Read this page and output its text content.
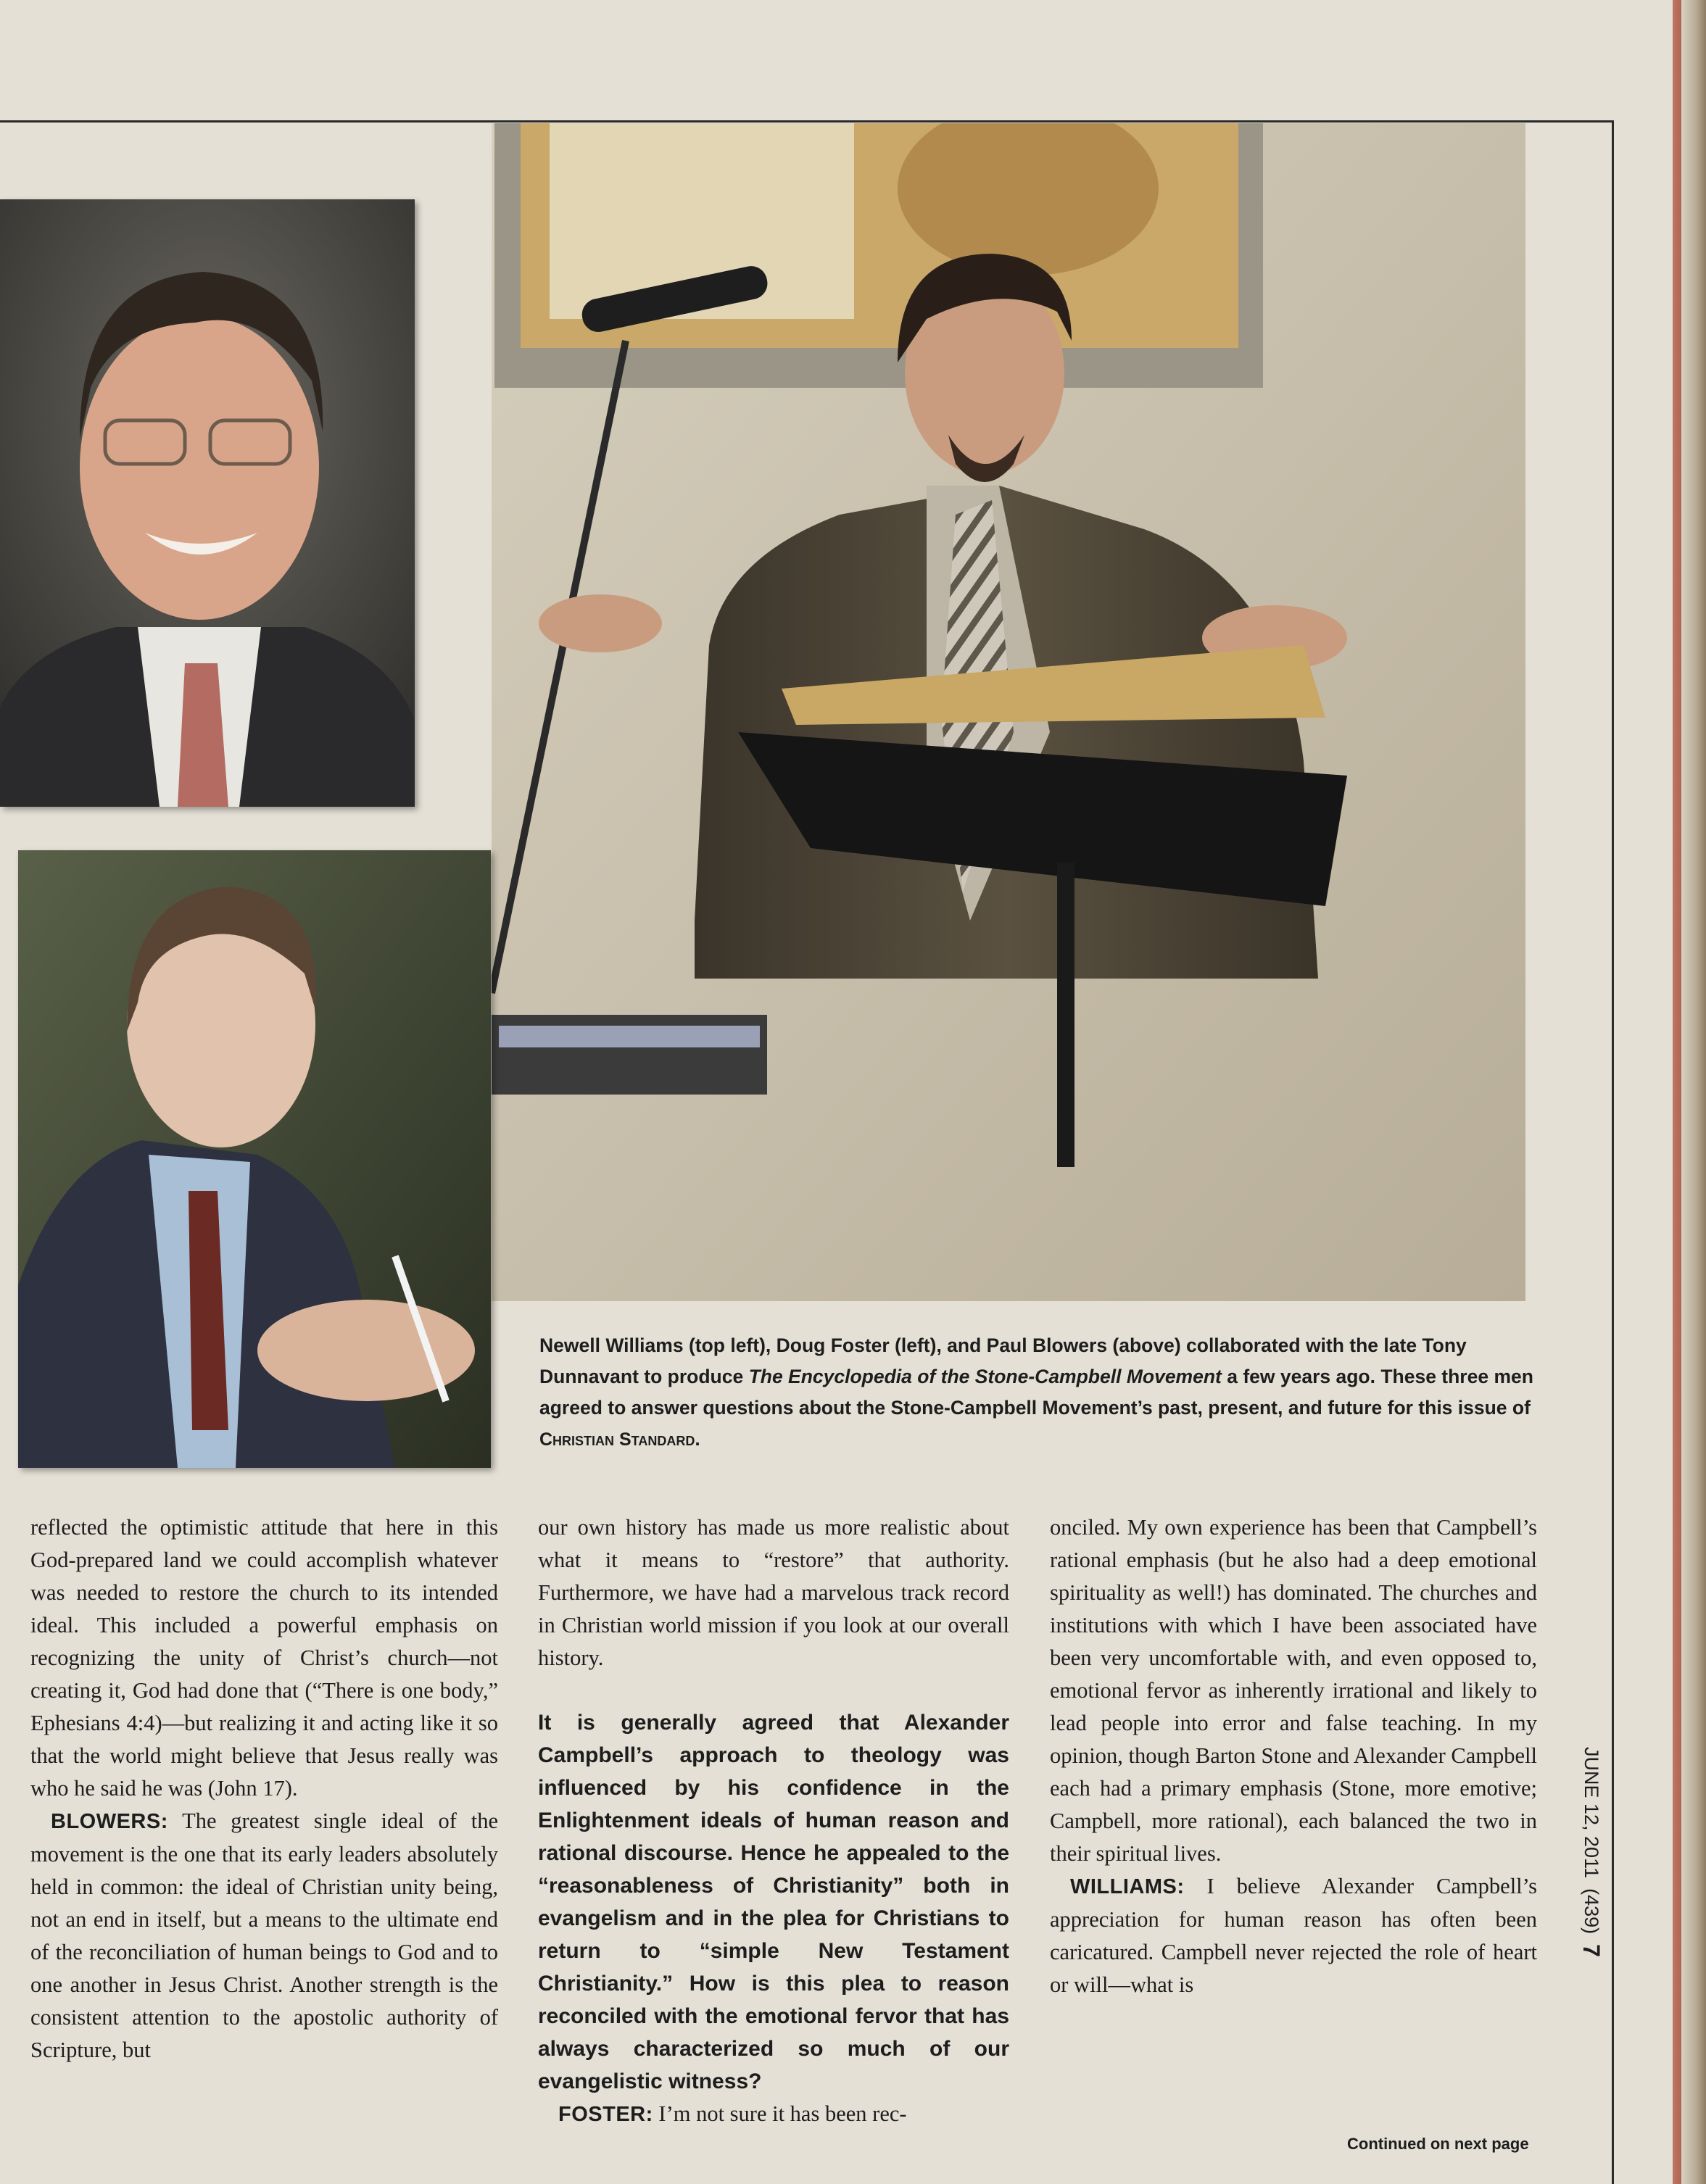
Newell Williams (top left), Doug Foster (left), and Paul Blowers (above) collaborated with the late Tony Dunnavant to produce The Encyclopedia of the Stone-Campbell Movement a few years ago. These three men agreed to answer questions about the Stone-Campbell Movement’s past, present, and future for this issue of Christian Standard.

reflected the optimistic attitude that here in this God-prepared land we could accomplish whatever was needed to restore the church to its intended ideal. This included a powerful emphasis on recognizing the unity of Christ’s church—not creating it, God had done that (“There is one body,” Ephesians 4:4)—but realizing it and acting like it so that the world might believe that Jesus really was who he said he was (John 17).

BLOWERS: The greatest single ideal of the movement is the one that its early leaders absolutely held in common: the ideal of Christian unity being, not an end in itself, but a means to the ultimate end of the reconciliation of human beings to God and to one another in Jesus Christ. Another strength is the consistent attention to the apostolic authority of Scripture, but

our own history has made us more realistic about what it means to “restore” that authority. Furthermore, we have had a marvelous track record in Christian world mission if you look at our overall history.

It is generally agreed that Alexander Campbell’s approach to theology was influenced by his confidence in the Enlightenment ideals of human reason and rational discourse. Hence he appealed to the “reasonableness of Christianity” both in evangelism and in the plea for Christians to return to “simple New Testament Christianity.” How is this plea to reason reconciled with the emotional fervor that has always characterized so much of our evangelistic witness?

FOSTER: I’m not sure it has been rec-

onciled. My own experience has been that Campbell’s rational emphasis (but he also had a deep emotional spirituality as well!) has dominated. The churches and institutions with which I have been associated have been very uncomfortable with, and even opposed to, emotional fervor as inherently irrational and likely to lead people into error and false teaching. In my opinion, though Barton Stone and Alexander Campbell each had a primary emphasis (Stone, more emotive; Campbell, more rational), each balanced the two in their spiritual lives.

WILLIAMS: I believe Alexander Campbell’s appreciation for human reason has often been caricatured. Campbell never rejected the role of heart or will—what is

Continued on next page
JUNE 12, 2011
(439)
7
